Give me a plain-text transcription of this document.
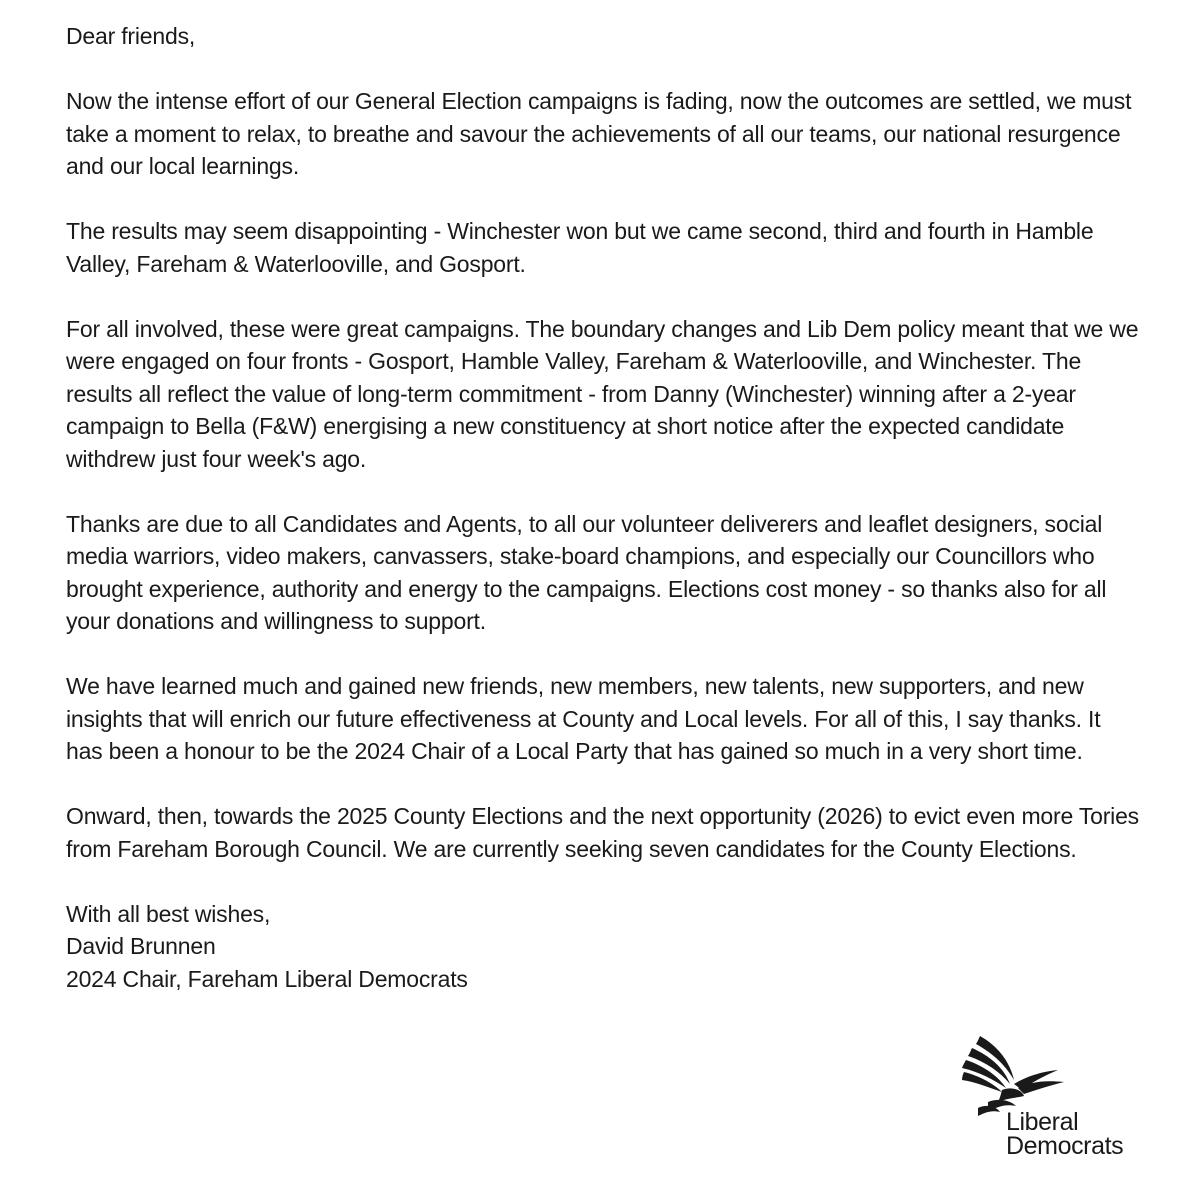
Dear friends,

Now the intense effort of our General Election campaigns is fading, now the outcomes are settled, we must take a moment to relax, to breathe and savour the achievements of all our teams, our national resurgence and our local learnings.

The results may seem disappointing - Winchester won but we came second, third and fourth in Hamble Valley, Fareham & Waterlooville, and Gosport.

For all involved, these were great campaigns. The boundary changes and Lib Dem policy meant that we we were engaged on four fronts - Gosport, Hamble Valley, Fareham & Waterlooville, and Winchester. The results all reflect the value of long-term commitment - from Danny (Winchester) winning after a 2-year campaign to Bella (F&W) energising a new constituency at short notice after the expected candidate withdrew just four week's ago.

Thanks are due to all Candidates and Agents, to all our volunteer deliverers and leaflet designers, social media warriors, video makers, canvassers, stake-board champions, and especially our Councillors who brought experience, authority and energy to the campaigns. Elections cost money - so thanks also for all your donations and willingness to support.

We have learned much and gained new friends, new members, new talents, new supporters, and new insights that will enrich our future effectiveness at County and Local levels. For all of this, I say thanks. It has been a honour to be the 2024 Chair of a Local Party that has gained so much in a very short time.

Onward, then, towards the 2025 County Elections and the next opportunity (2026) to evict even more Tories from Fareham Borough Council. We are currently seeking seven candidates for the County Elections.

With all best wishes,
David Brunnen
2024 Chair, Fareham Liberal Democrats

Liberal
Democrats
